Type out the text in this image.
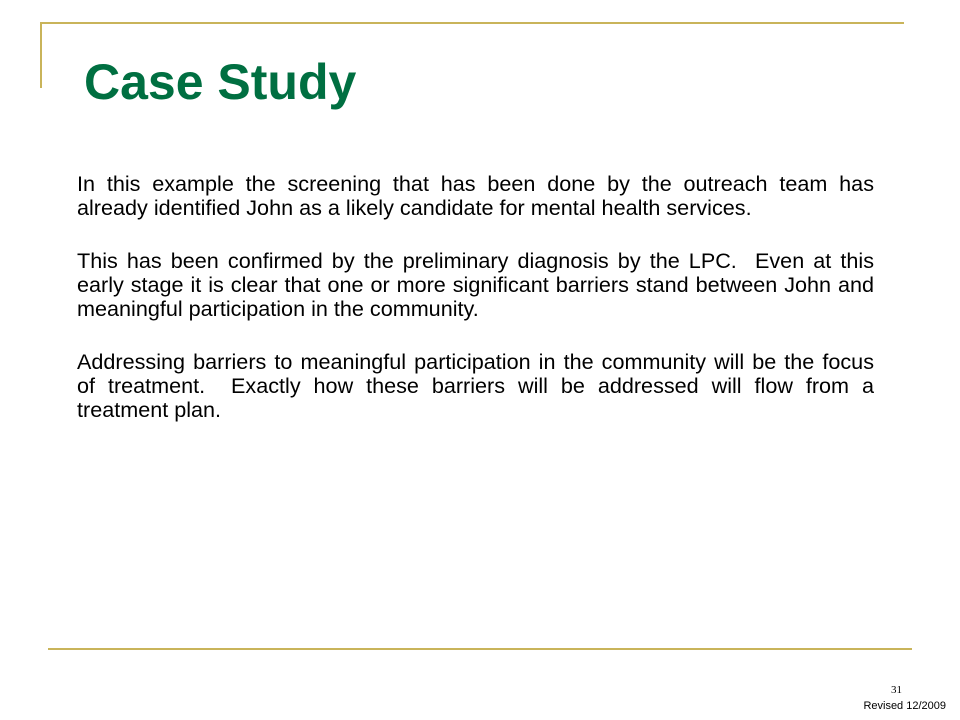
Case Study

In this example the screening that has been done by the outreach team has already identified John as a likely candidate for mental health services.

This has been confirmed by the preliminary diagnosis by the LPC.  Even at this early stage it is clear that one or more significant barriers stand between John and meaningful participation in the community.

Addressing barriers to meaningful participation in the community will be the focus of treatment.  Exactly how these barriers will be addressed will flow from a treatment plan.

31
Revised 12/2009
